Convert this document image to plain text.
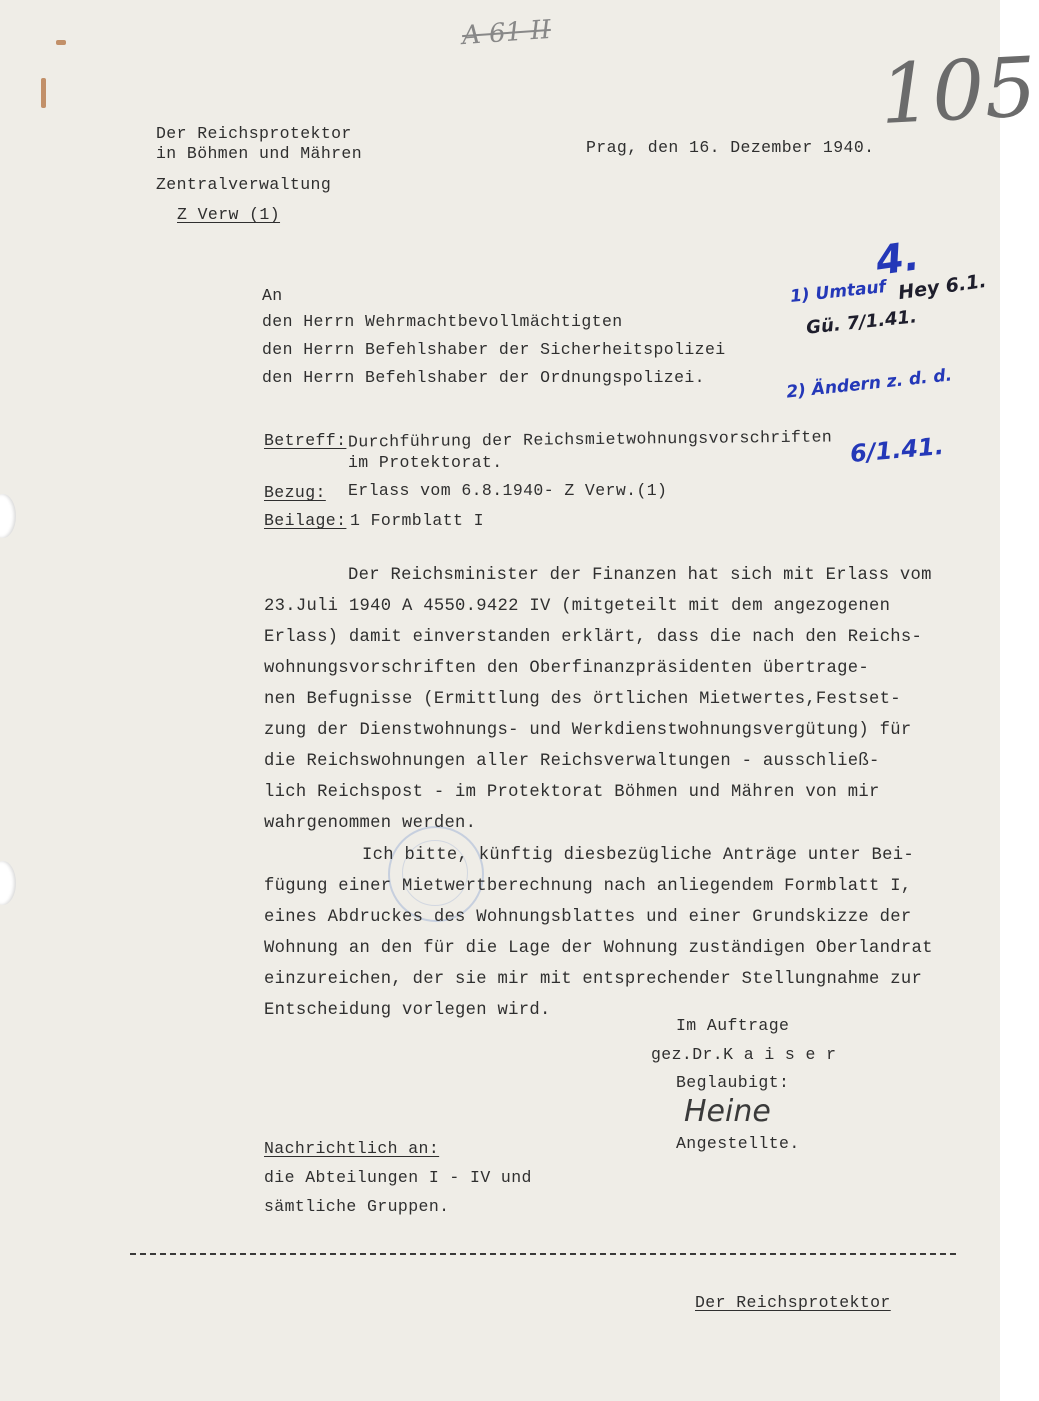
A 61 II
105
Der Reichsprotektor
in Böhmen und Mähren
Zentralverwaltung
Z Verw (1)
Prag, den 16. Dezember 1940.
An
den Herrn Wehrmachtbevollmächtigten
den Herrn Befehlshaber der Sicherheitspolizei
den Herrn Befehlshaber der Ordnungspolizei.
Betreff: Durchführung der Reichsmietwohnungsvorschriften
im Protektorat.
Bezug: Erlass vom 6.8.1940- Z Verw.(1)
Beilage: 1 Formblatt I
Der Reichsminister der Finanzen hat sich mit Erlass vom
23.Juli 1940 A 4550.9422 IV (mitgeteilt mit dem angezogenen
Erlass) damit einverstanden erklärt, dass die nach den Reichs-
wohnungsvorschriften den Oberfinanzpräsidenten übertrage-
nen Befugnisse (Ermittlung des örtlichen Mietwertes,Festset-
zung der Dienstwohnungs- und Werkdienstwohnungsvergütung) für
die Reichswohnungen aller Reichsverwaltungen - ausschließ-
lich Reichspost - im Protektorat Böhmen und Mähren von mir
wahrgenommen werden.
Ich bitte, künftig diesbezügliche Anträge unter Bei-
fügung einer Mietwertberechnung nach anliegendem Formblatt I,
eines Abdruckes des Wohnungsblattes und einer Grundskizze der
Wohnung an den für die Lage der Wohnung zuständigen Oberlandrat
einzureichen, der sie mir mit entsprechender Stellungnahme zur
Entscheidung vorlegen wird.
Im Auftrage
gez.Dr.K a i s e r
Beglaubigt:
Heine
Angestellte.
Nachrichtlich an:
die Abteilungen I - IV und
sämtliche Gruppen.
Der Reichsprotektor
4.
1) Umtauf Hey 6.1.
Gü. 7/1.41.
2) Ändern z. d. d.
6/1.41.
